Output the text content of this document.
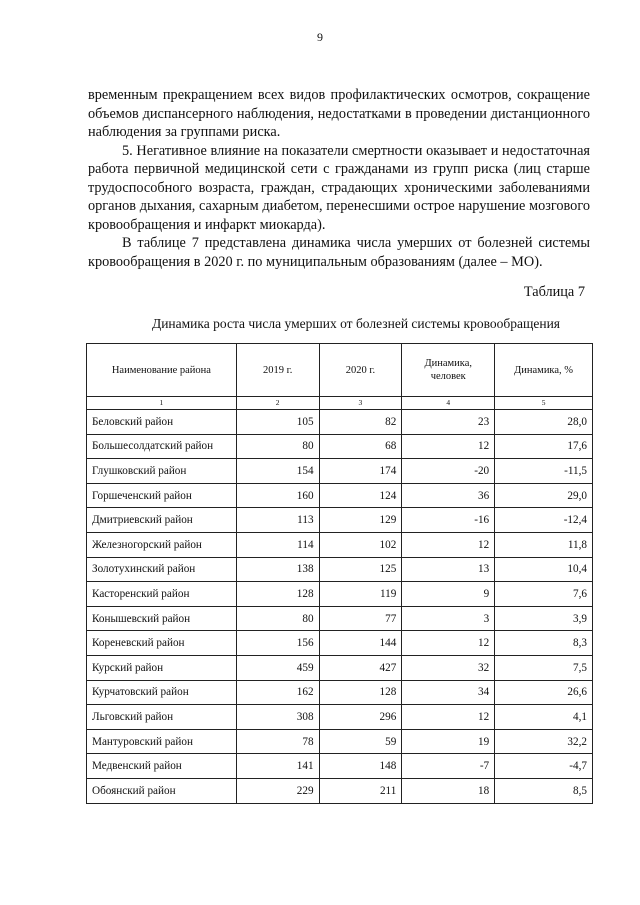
9

временным прекращением всех видов профилактических осмотров, сокращение объемов диспансерного наблюдения, недостатками в проведении дистанционного наблюдения за группами риска.

5. Негативное влияние на показатели смертности оказывает и недостаточная работа первичной медицинской сети с гражданами из групп риска (лиц старше трудоспособного возраста, граждан, страдающих хроническими заболеваниями органов дыхания, сахарным диабетом, перенесшими острое нарушение мозгового кровообращения и инфаркт миокарда).

В таблице 7 представлена динамика числа умерших от болезней системы кровообращения в 2020 г. по муниципальным образованиям (далее – МО).

Таблица 7
Динамика роста числа умерших от болезней системы кровообращения
Наименование района	2019 г.	2020 г.	Динамика, человек	Динамика, %
1	2	3	4	5
Беловский район	105	82	23	28,0
Большесолдатский район	80	68	12	17,6
Глушковский район	154	174	-20	-11,5
Горшеченский район	160	124	36	29,0
Дмитриевский район	113	129	-16	-12,4
Железногорский район	114	102	12	11,8
Золотухинский район	138	125	13	10,4
Касторенский район	128	119	9	7,6
Конышевский район	80	77	3	3,9
Кореневский район	156	144	12	8,3
Курский район	459	427	32	7,5
Курчатовский район	162	128	34	26,6
Льговский район	308	296	12	4,1
Мантуровский район	78	59	19	32,2
Медвенский район	141	148	-7	-4,7
Обоянский район	229	211	18	8,5
